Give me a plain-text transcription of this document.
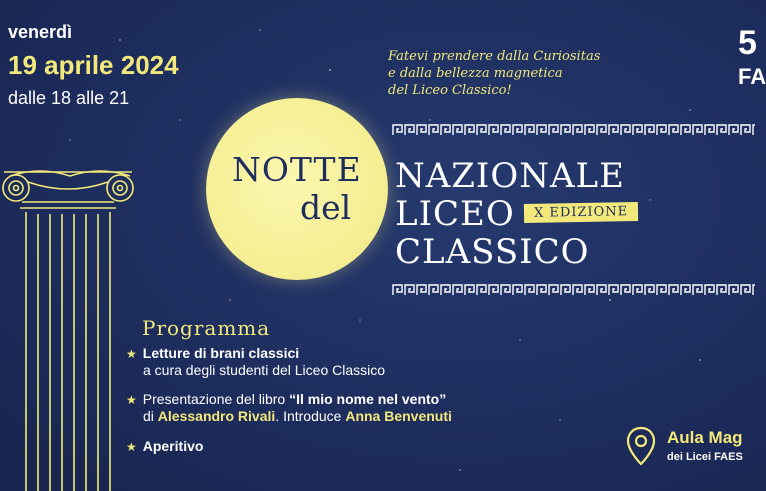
venerdì
19 aprile 2024
dalle 18 alle 21
Fatevi prendere dalla Curiositas
e dalla bellezza magnetica
del Liceo Classico!
5
FA
NOTTE
del
NAZIONALE
LICEO
CLASSICO
X EDIZIONE
Programma
★ Letture di brani classici
a cura degli studenti del Liceo Classico
★ Presentazione del libro “Il mio nome nel vento”
di Alessandro Rivali. Introduce Anna Benvenuti
★ Aperitivo	Aula Mag
dei Licei FAES
